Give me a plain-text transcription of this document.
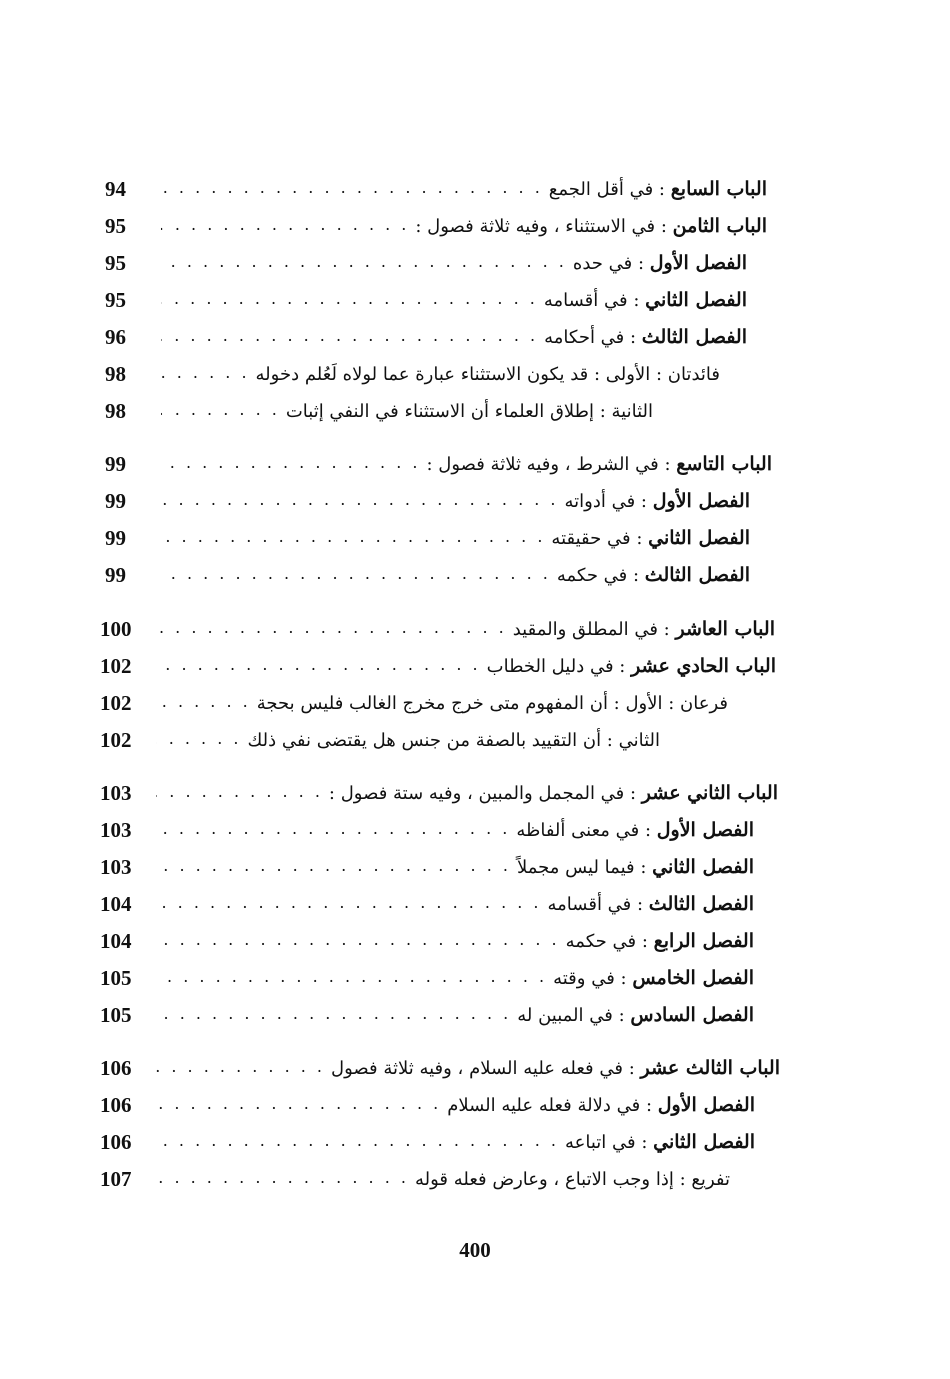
الباب السابع : في أقل الجمع
. . .
94
الباب الثامن : في الاستثناء ، وفيه ثلاثة فصول :
. . .
95
الفصل الأول : في حده
. . .
95
الفصل الثاني : في أقسامه
. . .
95
الفصل الثالث : في أحكامه
. . .
96
فائدتان : الأولى : قد يكون الاستثناء عبارة عما لولاه لَعُلم دخوله
. . .
98
الثانية : إطلاق العلماء أن الاستثناء في النفي إثبات
. . .
98
الباب التاسع : في الشرط ، وفيه ثلاثة فصول :
. . .
99
الفصل الأول : في أدواته
. . .
99
الفصل الثاني : في حقيقته
. . .
99
الفصل الثالث : في حكمه
. . .
99
الباب العاشر : في المطلق والمقيد
. . .
100
الباب الحادي عشر : في دليل الخطاب
. . .
102
فرعان : الأول : أن المفهوم متى خرج مخرج الغالب فليس بحجة
. . .
102
الثاني : أن التقييد بالصفة من جنس هل يقتضى نفي ذلك
. . .
102
الباب الثاني عشر : في المجمل والمبين ، وفيه ستة فصول :
. . .
103
الفصل الأول : في معنى ألفاظه
. . .
103
الفصل الثاني : فيما ليس مجملاً
. . .
103
الفصل الثالث : في أقسامه
. . .
104
الفصل الرابع : في حكمه
. . .
104
الفصل الخامس : في وقته
. . .
105
الفصل السادس : في المبين له
. . .
105
الباب الثالث عشر : في فعله عليه السلام ، وفيه ثلاثة فصول
. . .
106
الفصل الأول : في دلالة فعله عليه السلام
. . .
106
الفصل الثاني : في اتباعه
. . .
106
تفريع : إذا وجب الاتباع ، وعارض فعله قوله
. . .
107
400
